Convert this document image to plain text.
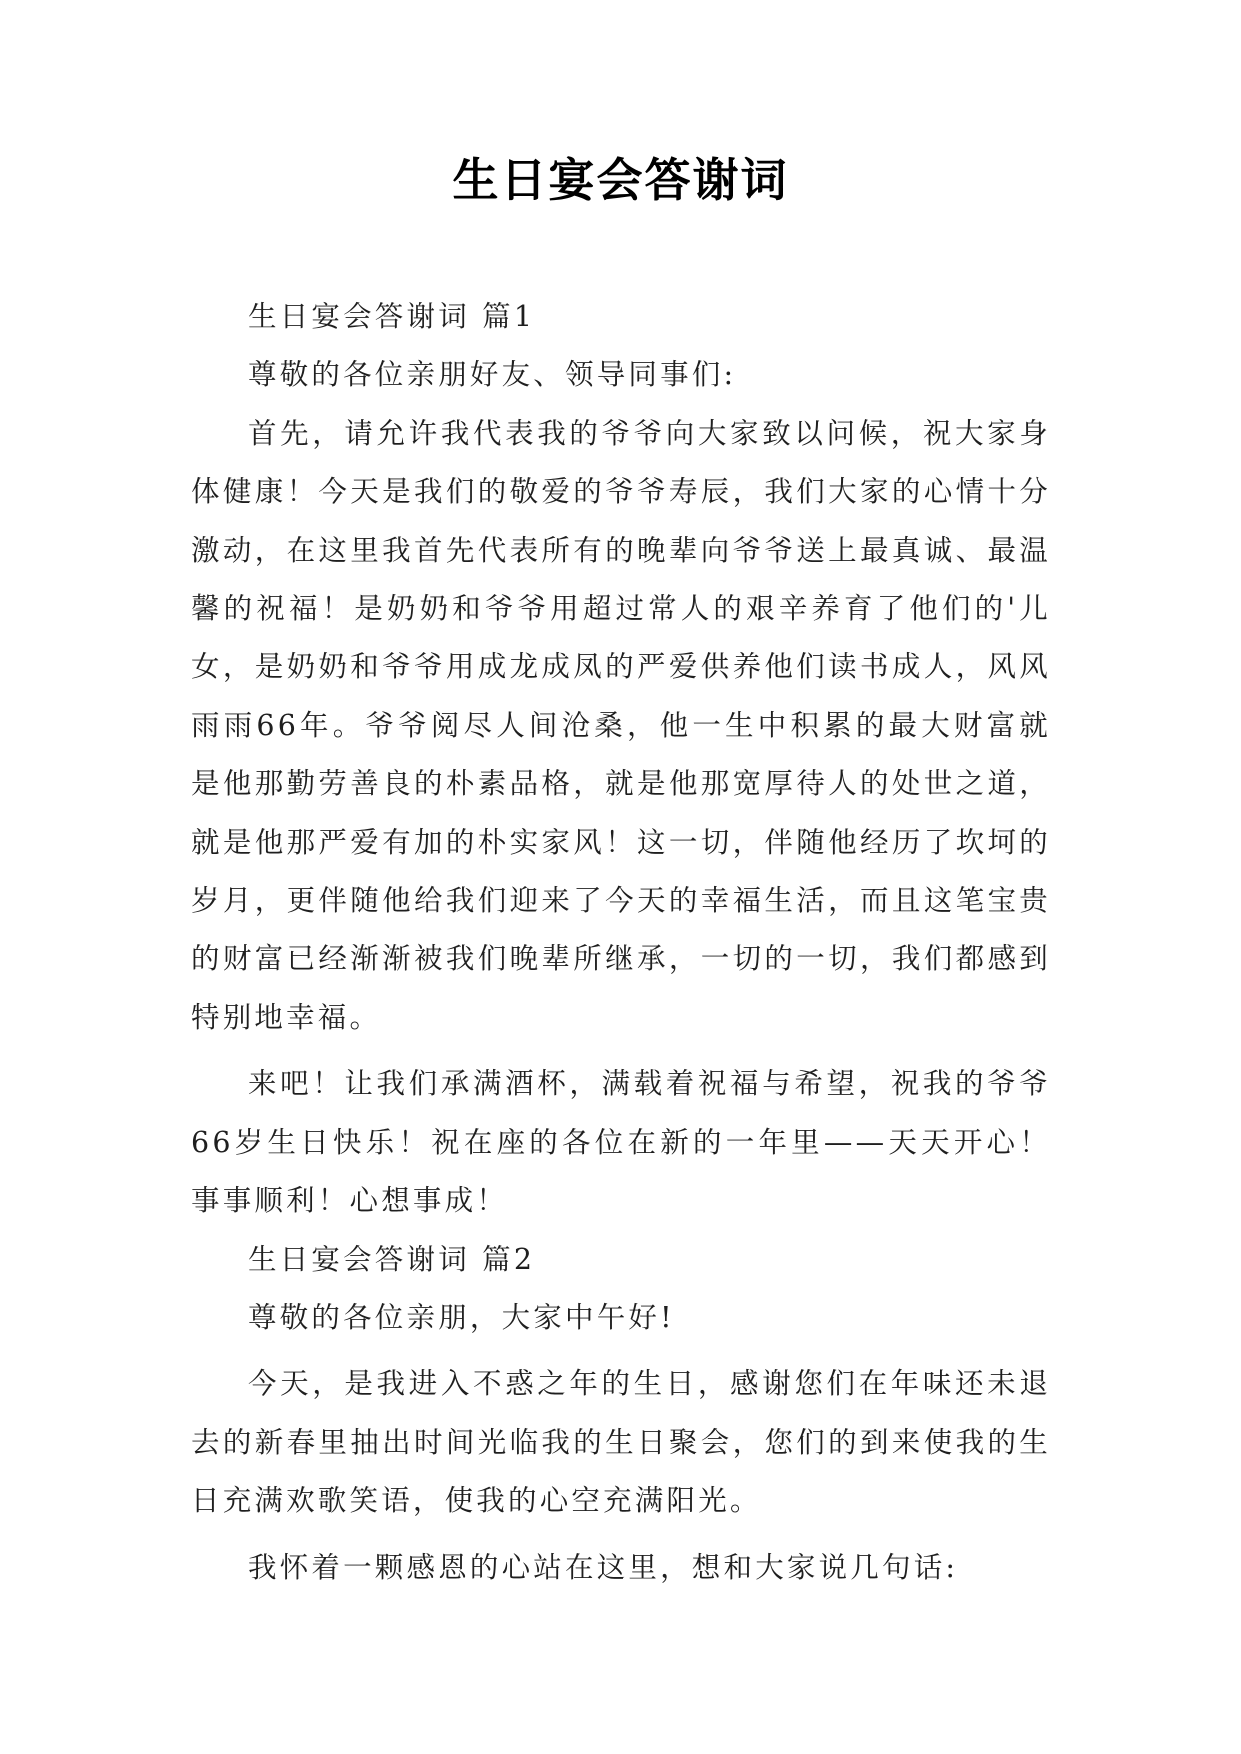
生日宴会答谢词

生日宴会答谢词 篇1

尊敬的各位亲朋好友、领导同事们:

首先，请允许我代表我的爷爷向大家致以问候，祝大家身体健康！今天是我们的敬爱的爷爷寿辰，我们大家的心情十分激动，在这里我首先代表所有的晚辈向爷爷送上最真诚、最温馨的祝福！是奶奶和爷爷用超过常人的艰辛养育了他们的'儿女，是奶奶和爷爷用成龙成凤的严爱供养他们读书成人，风风雨雨66年。爷爷阅尽人间沧桑，他一生中积累的最大财富就是他那勤劳善良的朴素品格，就是他那宽厚待人的处世之道，就是他那严爱有加的朴实家风！这一切，伴随他经历了坎坷的岁月，更伴随他给我们迎来了今天的幸福生活，而且这笔宝贵的财富已经渐渐被我们晚辈所继承，一切的一切，我们都感到特别地幸福。

来吧！让我们承满酒杯，满载着祝福与希望，祝我的爷爷66岁生日快乐！祝在座的各位在新的一年里——天天开心！事事顺利！心想事成！

生日宴会答谢词 篇2

尊敬的各位亲朋，大家中午好!

今天，是我进入不惑之年的生日，感谢您们在年味还未退去的新春里抽出时间光临我的生日聚会，您们的到来使我的生日充满欢歌笑语，使我的心空充满阳光。

我怀着一颗感恩的心站在这里，想和大家说几句话:
